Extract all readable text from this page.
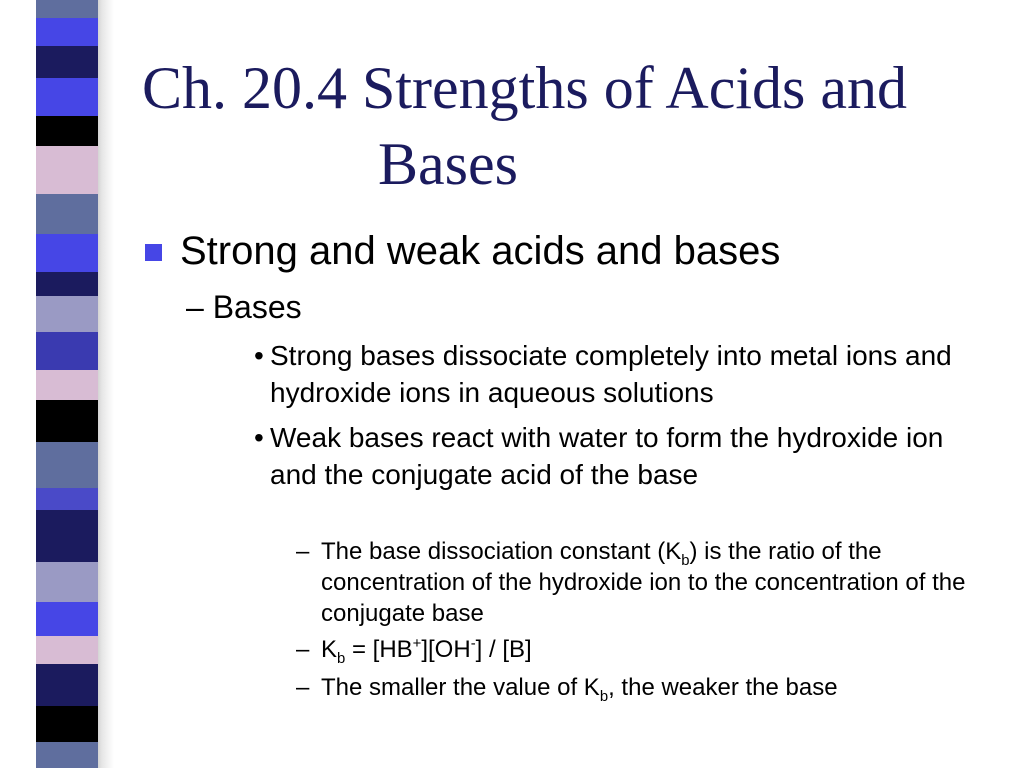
Ch. 20.4 Strengths of Acids and
Bases
Strong and weak acids and bases
– Bases
• Strong bases dissociate completely into metal ions and hydroxide ions in aqueous solutions
• Weak bases react with water to form the hydroxide ion and the conjugate acid of the base
– The base dissociation constant $(K_b)$ is the ratio of the concentration of the hydroxide ion to the concentration of the conjugate base
– $K_b = [HB^+][OH^-] / [B]$
– The smaller the value of $K_b$, the weaker the base
